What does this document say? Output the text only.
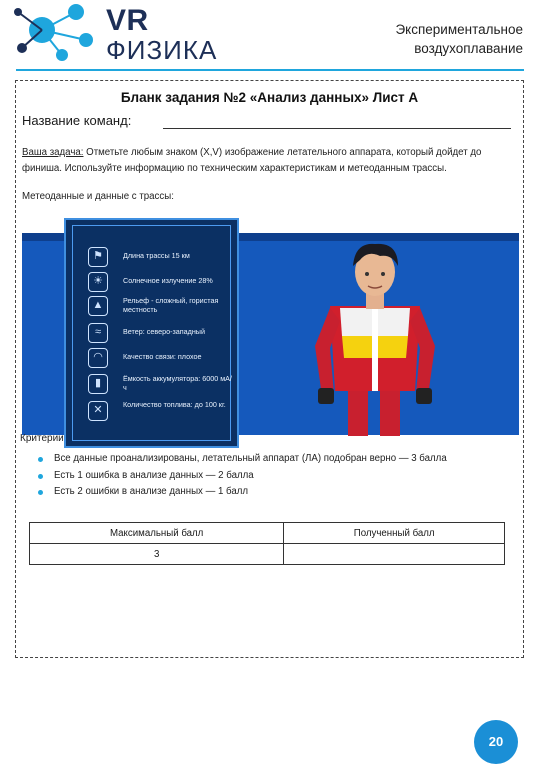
VR
ФИЗИКА
Экспериментальное
воздухоплавание
Бланк задания №2 «Анализ данных» Лист А
Название команд:
Ваша задача: Отметьте любым знаком (X,V) изображение летательного аппарата, который дойдет до финиша. Используйте информацию по техническим характеристикам и метеоданным трассы.
Метеоданные и данные с трассы:
⚑	Длина трассы 15 км
☀	Солнечное излучение 28%
▲	Рельеф - сложный, гористая местность
≈	Ветер: северо-западный
◠	Качество связи: плохое
▮	Ёмкость аккумулятора: 6000 мА/ч
✕	Количество топлива: до 100 кг.
Критерии
Все данные проанализированы, летательный аппарат (ЛА) подобран верно — 3 балла
Есть 1 ошибка в анализе данных — 2 балла
Есть 2 ошибки в анализе данных — 1 балл
Максимальный балл	Полученный балл
3	
20
